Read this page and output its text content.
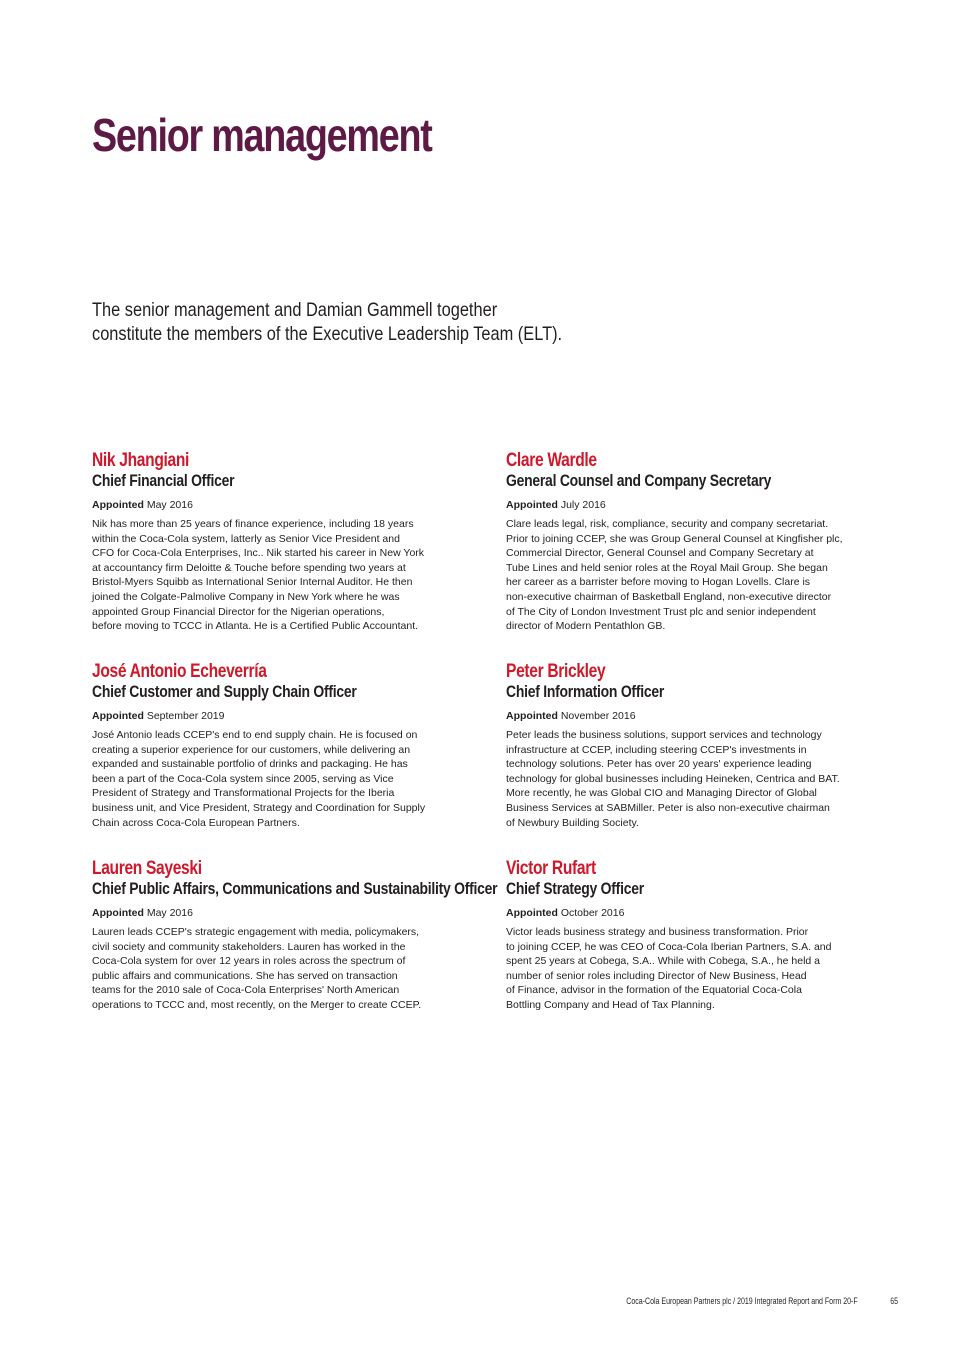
Senior management

The senior management and Damian Gammell together
constitute the members of the Executive Leadership Team (ELT).

Nik Jhangiani
Chief Financial Officer

Appointed May 2016

Nik has more than 25 years of finance experience, including 18 years
within the Coca-Cola system, latterly as Senior Vice President and
CFO for Coca-Cola Enterprises, Inc.. Nik started his career in New York
at accountancy firm Deloitte & Touche before spending two years at
Bristol-Myers Squibb as International Senior Internal Auditor. He then
joined the Colgate-Palmolive Company in New York where he was
appointed Group Financial Director for the Nigerian operations,
before moving to TCCC in Atlanta. He is a Certified Public Accountant.

Clare Wardle
General Counsel and Company Secretary

Appointed July 2016

Clare leads legal, risk, compliance, security and company secretariat.
Prior to joining CCEP, she was Group General Counsel at Kingfisher plc,
Commercial Director, General Counsel and Company Secretary at
Tube Lines and held senior roles at the Royal Mail Group. She began
her career as a barrister before moving to Hogan Lovells. Clare is
non-executive chairman of Basketball England, non-executive director
of The City of London Investment Trust plc and senior independent
director of Modern Pentathlon GB.

José Antonio Echeverría
Chief Customer and Supply Chain Officer

Appointed September 2019

José Antonio leads CCEP's end to end supply chain. He is focused on
creating a superior experience for our customers, while delivering an
expanded and sustainable portfolio of drinks and packaging. He has
been a part of the Coca-Cola system since 2005, serving as Vice
President of Strategy and Transformational Projects for the Iberia
business unit, and Vice President, Strategy and Coordination for Supply
Chain across Coca-Cola European Partners.

Peter Brickley
Chief Information Officer

Appointed November 2016

Peter leads the business solutions, support services and technology
infrastructure at CCEP, including steering CCEP's investments in
technology solutions. Peter has over 20 years' experience leading
technology for global businesses including Heineken, Centrica and BAT.
More recently, he was Global CIO and Managing Director of Global
Business Services at SABMiller. Peter is also non-executive chairman
of Newbury Building Society.

Lauren Sayeski
Chief Public Affairs, Communications and Sustainability Officer

Appointed May 2016

Lauren leads CCEP's strategic engagement with media, policymakers,
civil society and community stakeholders. Lauren has worked in the
Coca-Cola system for over 12 years in roles across the spectrum of
public affairs and communications. She has served on transaction
teams for the 2010 sale of Coca-Cola Enterprises' North American
operations to TCCC and, most recently, on the Merger to create CCEP.

Victor Rufart
Chief Strategy Officer

Appointed October 2016

Victor leads business strategy and business transformation. Prior
to joining CCEP, he was CEO of Coca-Cola Iberian Partners, S.A. and
spent 25 years at Cobega, S.A.. While with Cobega, S.A., he held a
number of senior roles including Director of New Business, Head
of Finance, advisor in the formation of the Equatorial Coca-Cola
Bottling Company and Head of Tax Planning.

Coca-Cola European Partners plc / 2019 Integrated Report and Form 20-F	65
